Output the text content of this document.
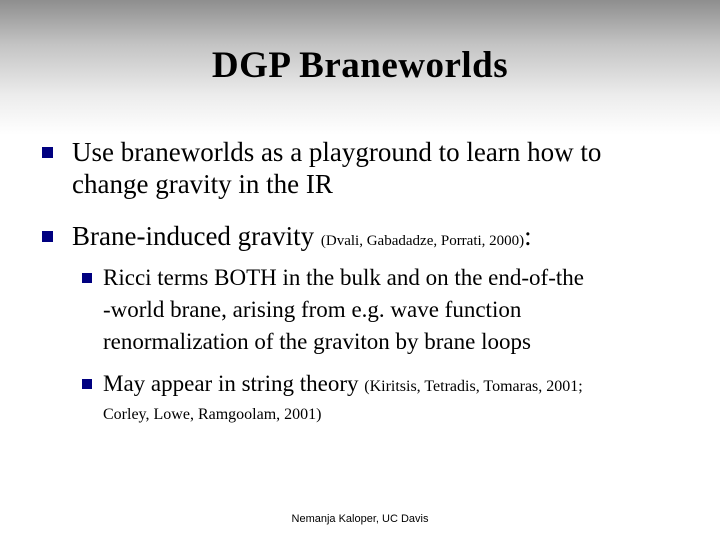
DGP Braneworlds
Use braneworlds as a playground to learn how to
change gravity in the IR
Brane-induced gravity (Dvali, Gabadadze, Porrati, 2000):
Ricci terms BOTH in the bulk and on the end-of-the
-world brane, arising from e.g. wave function
renormalization of the graviton by brane loops
May appear in string theory (Kiritsis, Tetradis, Tomaras, 2001;
Corley, Lowe, Ramgoolam, 2001)
Nemanja Kaloper, UC Davis
